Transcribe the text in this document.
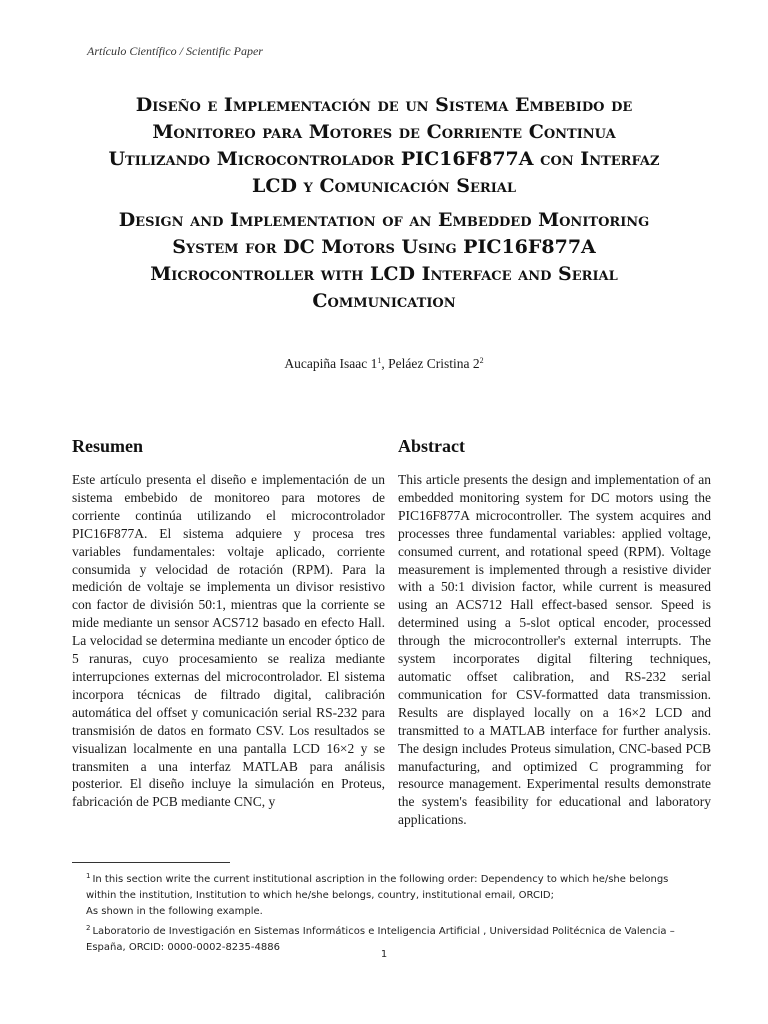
Artículo Científico / Scientific Paper
Diseño e Implementación de un Sistema Embebido de
Monitoreo para Motores de Corriente Continua
Utilizando Microcontrolador PIC16F877A con Interfaz
LCD y Comunicación Serial
Design and Implementation of an Embedded Monitoring
System for DC Motors Using PIC16F877A
Microcontroller with LCD Interface and Serial
Communication
Aucapiña Isaac $1^1$, Peláez Cristina $2^2$
Resumen

Este artículo presenta el diseño e implementación de un sistema embebido de monitoreo para motores de corriente continúa utilizando el microcontrolador PIC16F877A. El sistema adquiere y procesa tres variables fundamentales: voltaje aplicado, corriente consumida y velocidad de rotación (RPM). Para la medición de voltaje se implementa un divisor resistivo con factor de división 50:1, mientras que la corriente se mide mediante un sensor ACS712 basado en efecto Hall. La velocidad se determina mediante un encoder óptico de 5 ranuras, cuyo procesamiento se realiza mediante interrupciones externas del microcontrolador. El sistema incorpora técnicas de filtrado digital, calibración automática del offset y comunicación serial RS-232 para transmisión de datos en formato CSV. Los resultados se visualizan localmente en una pantalla LCD 16×2 y se transmiten a una interfaz MATLAB para análisis posterior. El diseño incluye la simulación en Proteus, fabricación de PCB mediante CNC, y

Abstract

This article presents the design and implementation of an embedded monitoring system for DC motors using the PIC16F877A microcontroller. The system acquires and processes three fundamental variables: applied voltage, consumed current, and rotational speed (RPM). Voltage measurement is implemented through a resistive divider with a 50:1 division factor, while current is measured using an ACS712 Hall effect-based sensor. Speed is determined using a 5-slot optical encoder, processed through the microcontroller's external interrupts. The system incorporates digital filtering techniques, automatic offset calibration, and RS-232 serial communication for CSV-formatted data transmission. Results are displayed locally on a 16×2 LCD and transmitted to a MATLAB interface for further analysis. The design includes Proteus simulation, CNC-based PCB manufacturing, and optimized C programming for resource management. Experimental results demonstrate the system's feasibility for educational and laboratory applications.

$^1$ In this section write the current institutional ascription in the following order: Dependency to which he/she belongs

within the institution, Institution to which he/she belongs, country, institutional email, ORCID;

As shown in the following example.

$^2$ Laboratorio de Investigación en Sistemas Informáticos e Inteligencia Artificial , Universidad Politécnica de Valencia –

España, ORCID: 0000-0002-8235-4886

1
